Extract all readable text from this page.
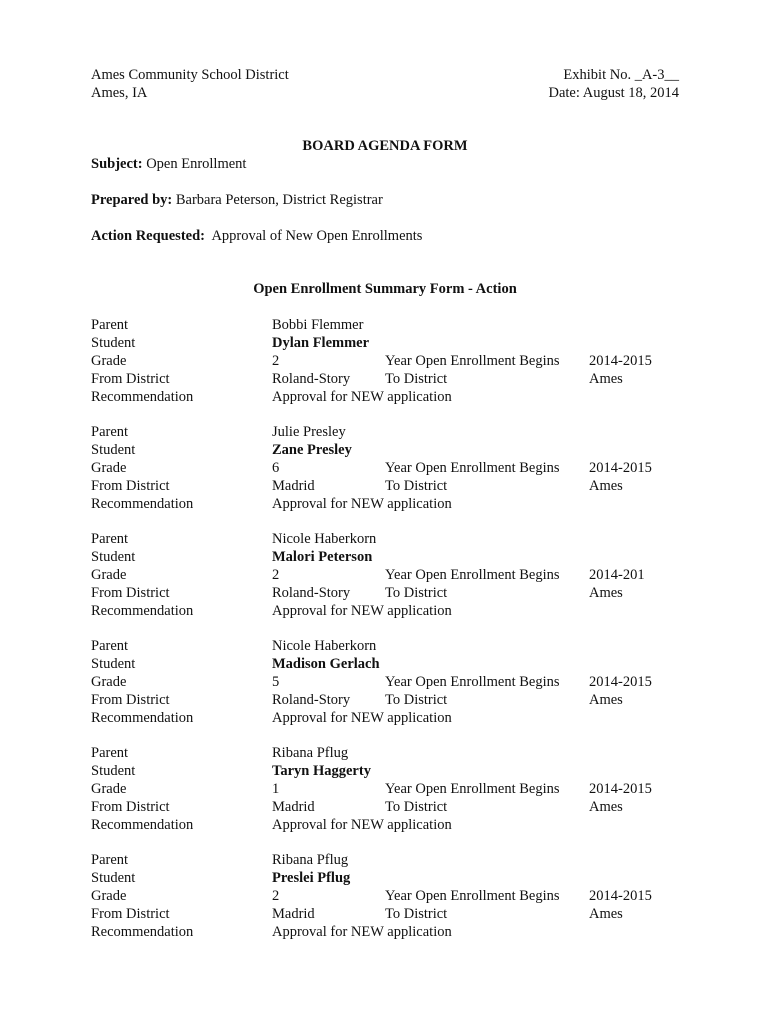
Ames Community School District
Ames, IA
Exhibit No. _A-3__
Date: August 18, 2014
BOARD AGENDA FORM
Subject: Open Enrollment
Prepared by: Barbara Peterson, District Registrar
Action Requested: Approval of New Open Enrollments
Open Enrollment Summary Form - Action
Parent	Bobbi Flemmer
Student	Dylan Flemmer
Grade	2	Year Open Enrollment Begins 2014-2015
From District	Roland-Story To District	Ames
Recommendation	Approval for NEW application
Parent	Julie Presley
Student	Zane Presley
Grade	6	Year Open Enrollment Begins 2014-2015
From District	Madrid	To District	Ames
Recommendation	Approval for NEW application
Parent	Nicole Haberkorn
Student	Malori Peterson
Grade	2	Year Open Enrollment Begins 2014-201
From District	Roland-Story To District	Ames
Recommendation	Approval for NEW application
Parent	Nicole Haberkorn
Student	Madison Gerlach
Grade	5	Year Open Enrollment Begins 2014-2015
From District	Roland-Story To District	Ames
Recommendation	Approval for NEW application
Parent	Ribana Pflug
Student	Taryn Haggerty
Grade	1	Year Open Enrollment Begins 2014-2015
From District	Madrid	To District	Ames
Recommendation	Approval for NEW application
Parent	Ribana Pflug
Student	Preslei Pflug
Grade	2	Year Open Enrollment Begins 2014-2015
From District	Madrid	To District	Ames
Recommendation	Approval for NEW application
